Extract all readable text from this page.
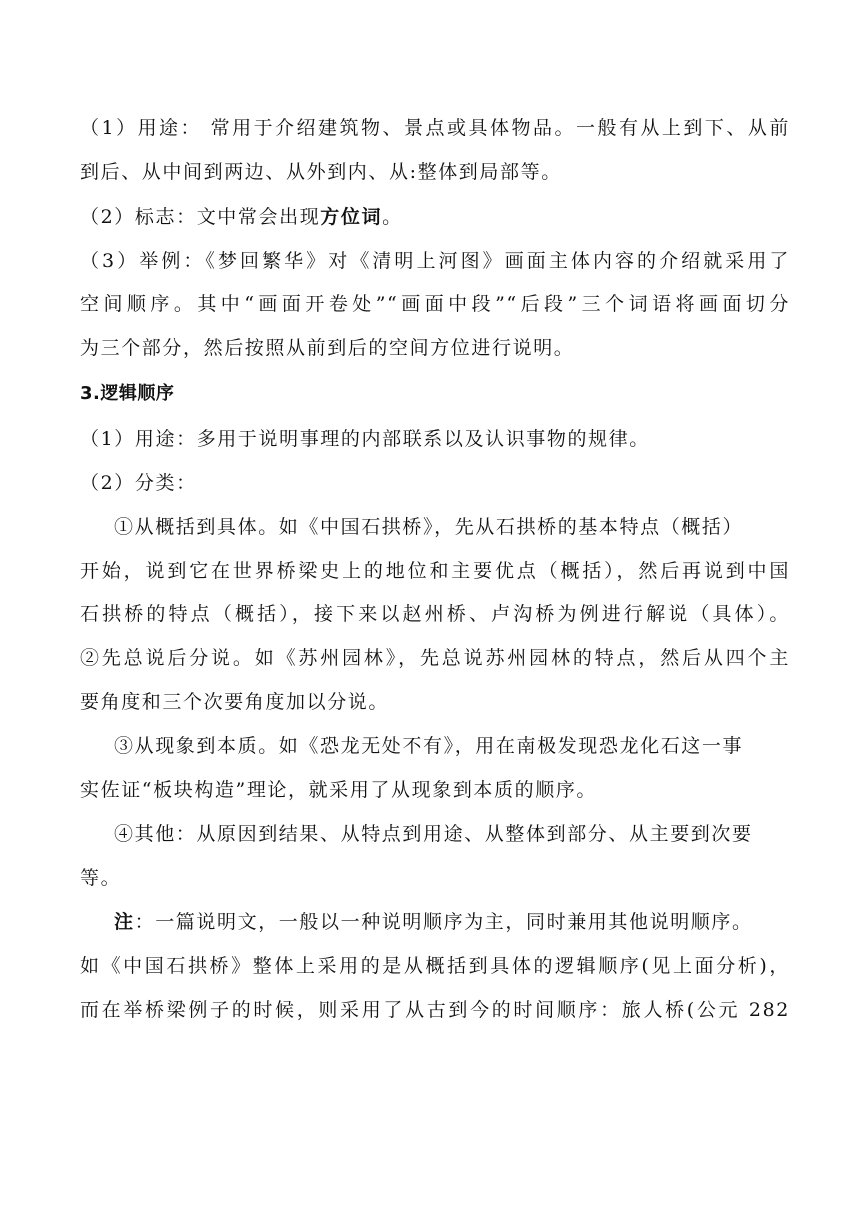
（1）用途： 常用于介绍建筑物、景点或具体物品。一般有从上到下、从前
到后、从中间到两边、从外到内、从:整体到局部等。
（2）标志：文中常会出现方位词。
（3）举例：《梦回繁华》对《清明上河图》画面主体内容的介绍就采用了
空间顺序。其中“画面开卷处”“画面中段”“后段”三个词语将画面切分
为三个部分，然后按照从前到后的空间方位进行说明。
3.逻辑顺序
（1）用途：多用于说明事理的内部联系以及认识事物的规律。
（2）分类：
①从概括到具体。如《中国石拱桥》，先从石拱桥的基本特点（概括）
开始，说到它在世界桥梁史上的地位和主要优点（概括），然后再说到中国
石拱桥的特点（概括），接下来以赵州桥、卢沟桥为例进行解说（具体）。
②先总说后分说。如《苏州园林》，先总说苏州园林的特点，然后从四个主
要角度和三个次要角度加以分说。
③从现象到本质。如《恐龙无处不有》，用在南极发现恐龙化石这一事
实佐证“板块构造”理论，就采用了从现象到本质的顺序。
④其他：从原因到结果、从特点到用途、从整体到部分、从主要到次要
等。
注：一篇说明文，一般以一种说明顺序为主，同时兼用其他说明顺序。
如《中国石拱桥》整体上采用的是从概括到具体的逻辑顺序(见上面分析)，
而在举桥梁例子的时候，则采用了从古到今的时间顺序：旅人桥(公元 282
